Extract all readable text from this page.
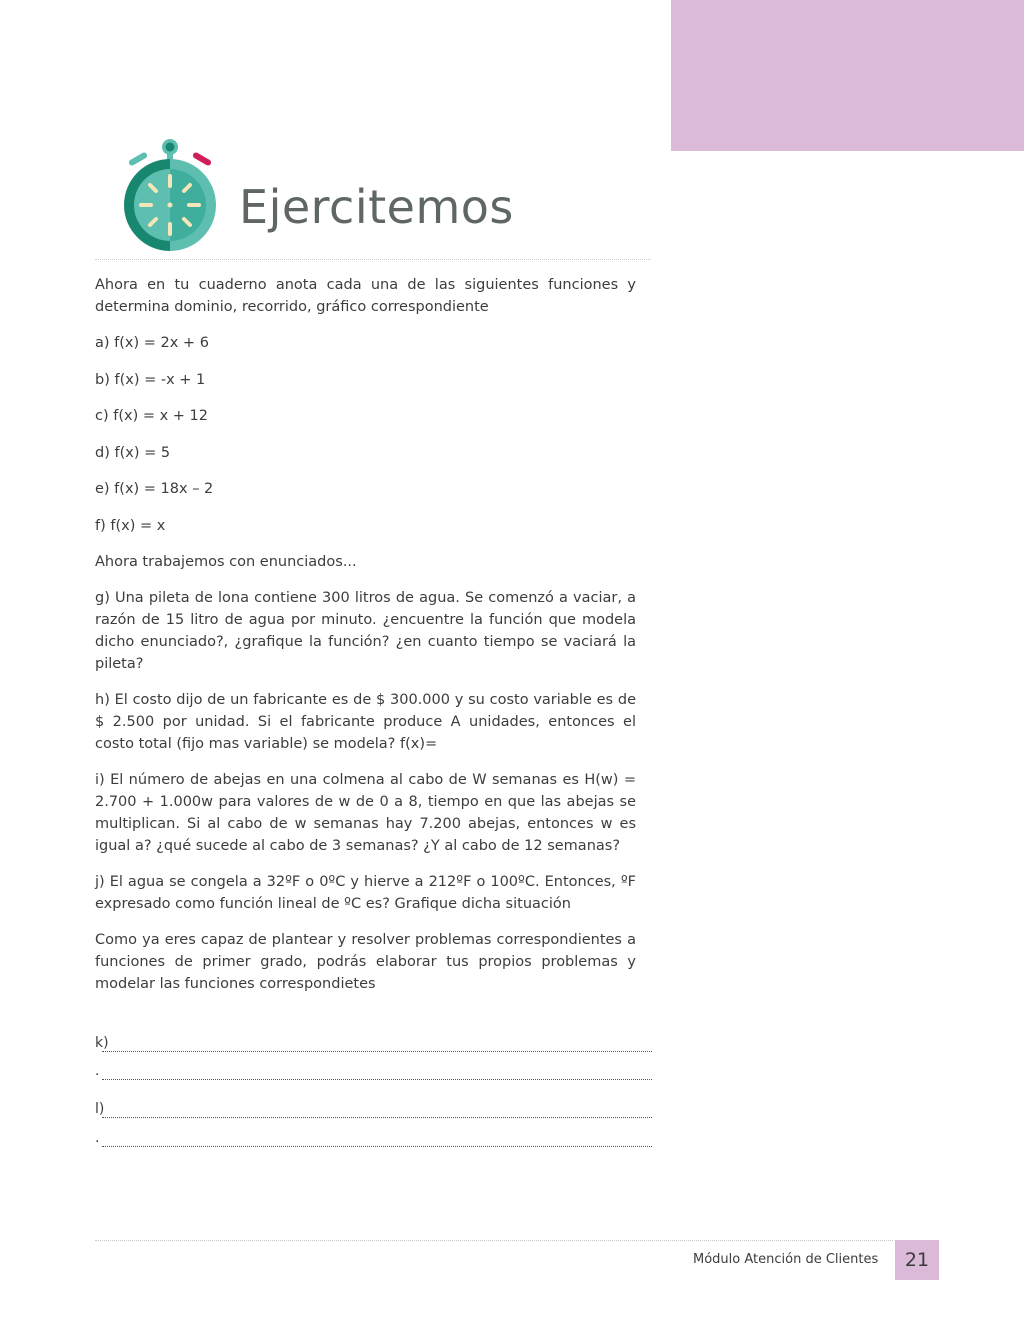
Ejercitemos

Ahora en tu cuaderno anota cada una de las siguientes funciones y determina dominio, recorrido, gráfico correspondiente

a) f(x) = 2x + 6

b) f(x) = -x + 1

c) f(x) = x + 12

d) f(x) = 5

e) f(x) = 18x – 2

f) f(x) = x

Ahora trabajemos con enunciados...

g) Una pileta de lona contiene 300 litros de agua. Se comenzó a vaciar, a razón de 15 litro de agua por minuto. ¿encuentre la función que modela dicho enunciado?, ¿grafique la función? ¿en cuanto tiempo se vaciará la pileta?

h) El costo dijo de un fabricante es de $ 300.000 y su costo variable es de $ 2.500 por unidad. Si el fabricante produce A unidades, entonces el costo total (fijo mas variable) se modela? f(x)=

i) El número de abejas en una colmena al cabo de W semanas es H(w) = 2.700 + 1.000w para valores de w de 0 a 8, tiempo en que las abejas se multiplican. Si al cabo de w semanas hay 7.200 abejas, entonces w es igual a? ¿qué sucede al cabo de 3 semanas? ¿Y al cabo de 12 semanas?

j) El agua se congela a 32ºF o 0ºC y hierve a 212ºF o 100ºC. Entonces, ºF expresado como función lineal de ºC es? Grafique dicha situación

Como ya eres capaz de plantear y resolver problemas correspondientes a funciones de primer grado, podrás elaborar tus propios problemas y modelar las funciones correspondietes

k)
.
l)
.
Módulo Atención de Clientes	21
